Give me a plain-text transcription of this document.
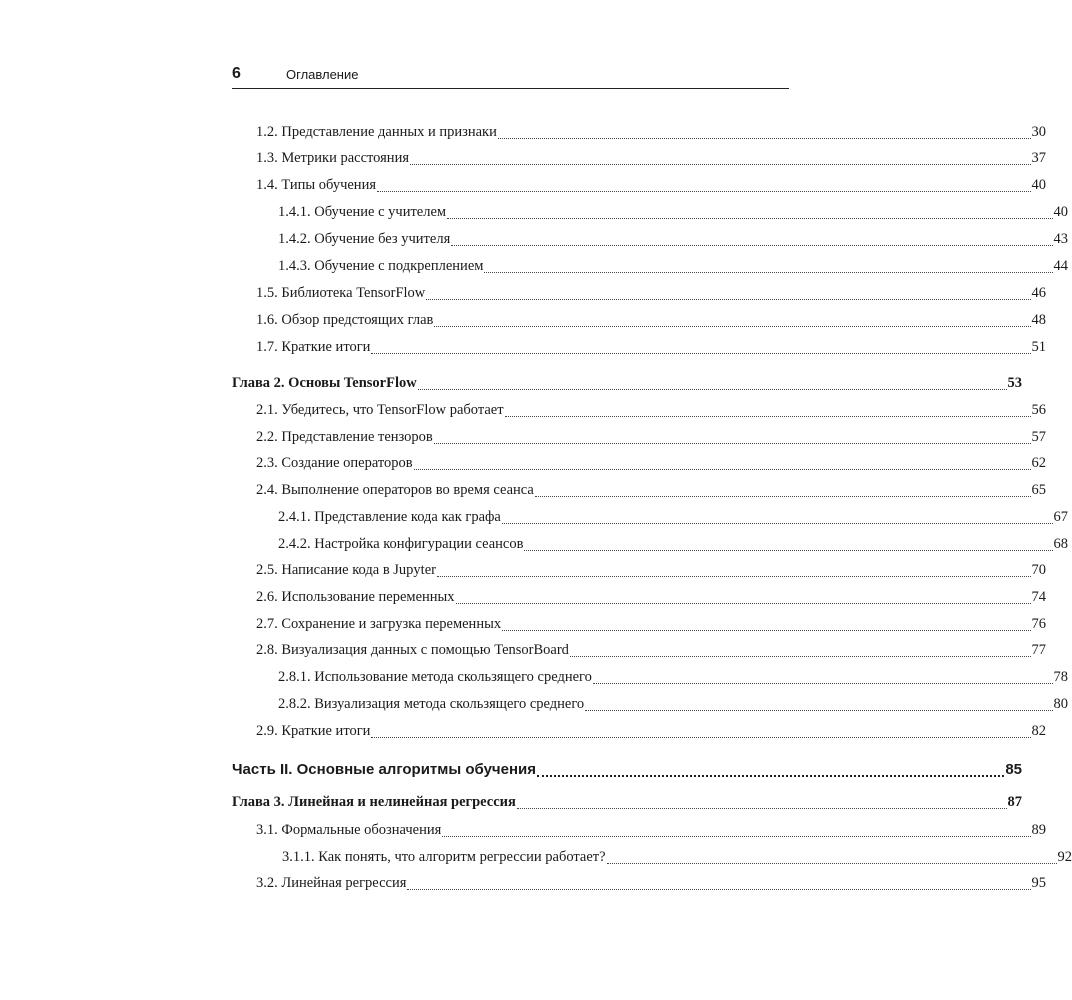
6	Оглавление
1.2. Представление данных и признаки	30
1.3. Метрики расстояния	37
1.4. Типы обучения	40
1.4.1. Обучение с учителем	40
1.4.2. Обучение без учителя	43
1.4.3. Обучение с подкреплением	44
1.5. Библиотека TensorFlow	46
1.6. Обзор предстоящих глав	48
1.7. Краткие итоги	51
Глава 2. Основы TensorFlow	53
2.1. Убедитесь, что TensorFlow работает	56
2.2. Представление тензоров	57
2.3. Создание операторов	62
2.4. Выполнение операторов во время сеанса	65
2.4.1. Представление кода как графа	67
2.4.2. Настройка конфигурации сеансов	68
2.5. Написание кода в Jupyter	70
2.6. Использование переменных	74
2.7. Сохранение и загрузка переменных	76
2.8. Визуализация данных с помощью TensorBoard	77
2.8.1. Использование метода скользящего среднего	78
2.8.2. Визуализация метода скользящего среднего	80
2.9. Краткие итоги	82
Часть II. Основные алгоритмы обучения	85
Глава 3. Линейная и нелинейная регрессия	87
3.1. Формальные обозначения	89
3.1.1. Как понять, что алгоритм регрессии работает?	92
3.2. Линейная регрессия	95
